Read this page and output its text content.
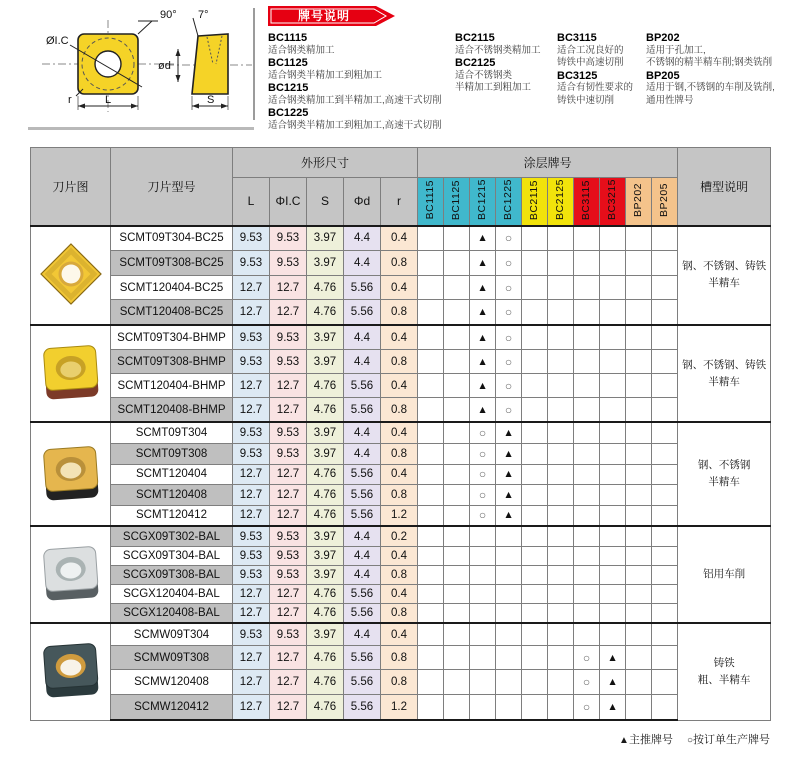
ØI.C
90°
r	L
7°
ød
S
牌号说明
BC1115
适合钢类精加工
BC1125
适合钢类半精加工到粗加工
BC1215
适合钢类精加工到半精加工,高速干式切削
BC1225
适合钢类半精加工到粗加工,高速干式切削
BC2115
适合不锈钢类精加工
BC2125
适合不锈钢类
半精加工到粗加工
BC3115
适合工况良好的
铸铁中高速切削
BC3125
适合有韧性要求的
铸铁中速切削
BP202
适用于孔加工,
不锈钢的精半精车削;钢类铣削
BP205
适用于钢,不锈钢的车削及铣削,
通用性牌号
刀片图	刀片型号	外形尺寸					涂层牌号										槽型说明
		L	ΦI.C	S	Φd	r	BC1115	BC1125	BC1215	BC1225	BC2115	BC2125	BC3115	BC3215	BP202	BP205	
	SCMT09T304-BC25	9.53	9.53	3.97	4.4	0.4			▲	○							钢、不锈钢、铸铁
半精车
	SCMT09T308-BC25	9.53	9.53	3.97	4.4	0.8			▲	○							
	SCMT120404-BC25	12.7	12.7	4.76	5.56	0.4			▲	○							
	SCMT120408-BC25	12.7	12.7	4.76	5.56	0.8			▲	○							
	SCMT09T304-BHMP	9.53	9.53	3.97	4.4	0.4			▲	○							钢、不锈钢、铸铁
半精车
	SCMT09T308-BHMP	9.53	9.53	3.97	4.4	0.8			▲	○							
	SCMT120404-BHMP	12.7	12.7	4.76	5.56	0.4			▲	○							
	SCMT120408-BHMP	12.7	12.7	4.76	5.56	0.8			▲	○							
	SCMT09T304	9.53	9.53	3.97	4.4	0.4			○	▲							钢、不锈钢
半精车
	SCMT09T308	9.53	9.53	3.97	4.4	0.8			○	▲							
	SCMT120404	12.7	12.7	4.76	5.56	0.4			○	▲							
	SCMT120408	12.7	12.7	4.76	5.56	0.8			○	▲							
	SCMT120412	12.7	12.7	4.76	5.56	1.2			○	▲							
	SCGX09T302-BAL	9.53	9.53	3.97	4.4	0.2											铝用车削
	SCGX09T304-BAL	9.53	9.53	3.97	4.4	0.4											
	SCGX09T308-BAL	9.53	9.53	3.97	4.4	0.8											
	SCGX120404-BAL	12.7	12.7	4.76	5.56	0.4											
	SCGX120408-BAL	12.7	12.7	4.76	5.56	0.8											
	SCMW09T304	9.53	9.53	3.97	4.4	0.4											铸铁
粗、半精车
	SCMW09T308	12.7	12.7	4.76	5.56	0.8							○	▲			
	SCMW120408	12.7	12.7	4.76	5.56	0.8							○	▲			
	SCMW120412	12.7	12.7	4.76	5.56	1.2							○	▲			
▲主推牌号 ○按订单生产牌号
